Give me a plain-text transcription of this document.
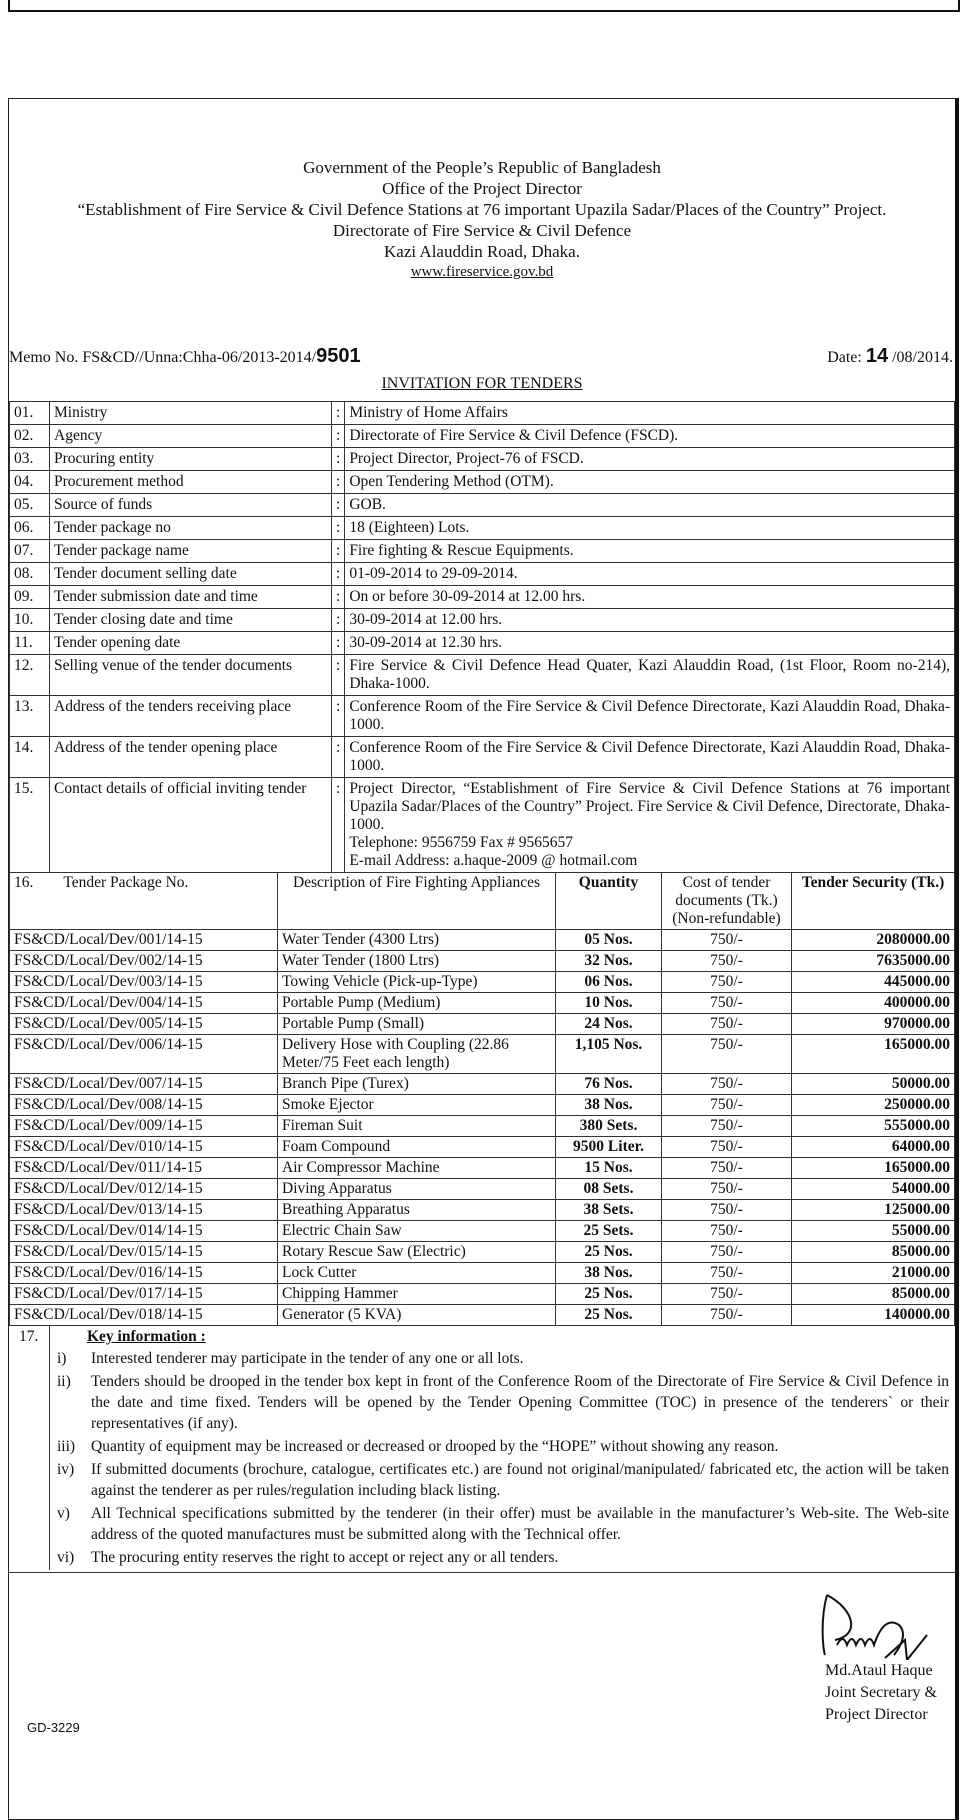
Government of the People’s Republic of Bangladesh
Office of the Project Director
“Establishment of Fire Service & Civil Defence Stations at 76 important Upazila Sadar/Places of the Country” Project.
Directorate of Fire Service & Civil Defence
Kazi Alauddin Road, Dhaka.
www.fireservice.gov.bd
Memo No. FS&CD//Unna:Chha-06/2013-2014/9501	Date: 14 /08/2014.
INVITATION FOR TENDERS
01.	Ministry	:	Ministry of Home Affairs
02.	Agency	:	Directorate of Fire Service & Civil Defence (FSCD).
03.	Procuring entity	:	Project Director, Project-76 of FSCD.
04.	Procurement method	:	Open Tendering Method (OTM).
05.	Source of funds	:	GOB.
06.	Tender package no	:	18 (Eighteen) Lots.
07.	Tender package name	:	Fire fighting & Rescue Equipments.
08.	Tender document selling date	:	01-09-2014 to 29-09-2014.
09.	Tender submission date and time	:	On or before 30-09-2014 at 12.00 hrs.
10.	Tender closing date and time	:	30-09-2014 at 12.00 hrs.
11.	Tender opening date	:	30-09-2014 at 12.30 hrs.
12.	Selling venue of the tender documents	:	Fire Service & Civil Defence Head Quater, Kazi Alauddin Road, (1st Floor, Room no-214), Dhaka-1000.
13.	Address of the tenders receiving place	:	Conference Room of the Fire Service & Civil Defence Directorate, Kazi Alauddin Road, Dhaka-1000.
14.	Address of the tender opening place	:	Conference Room of the Fire Service & Civil Defence Directorate, Kazi Alauddin Road, Dhaka-1000.
15.	Contact details of official inviting tender	:	Project Director, “Establishment of Fire Service & Civil Defence Stations at 76 important Upazila Sadar/Places of the Country” Project. Fire Service & Civil Defence, Directorate, Dhaka-1000.
Telephone: 9556759 Fax # 9565657
E-mail Address: a.haque-2009 @ hotmail.com
16. Tender Package No.	Description of Fire Fighting Appliances	Quantity	Cost of tender documents (Tk.) (Non-refundable)	Tender Security (Tk.)
FS&CD/Local/Dev/001/14-15	Water Tender (4300 Ltrs)	05 Nos.	750/-	2080000.00
FS&CD/Local/Dev/002/14-15	Water Tender (1800 Ltrs)	32 Nos.	750/-	7635000.00
FS&CD/Local/Dev/003/14-15	Towing Vehicle (Pick-up-Type)	06 Nos.	750/-	445000.00
FS&CD/Local/Dev/004/14-15	Portable Pump (Medium)	10 Nos.	750/-	400000.00
FS&CD/Local/Dev/005/14-15	Portable Pump (Small)	24 Nos.	750/-	970000.00
FS&CD/Local/Dev/006/14-15	Delivery Hose with Coupling (22.86 Meter/75 Feet each length)	1,105 Nos.	750/-	165000.00
FS&CD/Local/Dev/007/14-15	Branch Pipe (Turex)	76 Nos.	750/-	50000.00
FS&CD/Local/Dev/008/14-15	Smoke Ejector	38 Nos.	750/-	250000.00
FS&CD/Local/Dev/009/14-15	Fireman Suit	380 Sets.	750/-	555000.00
FS&CD/Local/Dev/010/14-15	Foam Compound	9500 Liter.	750/-	64000.00
FS&CD/Local/Dev/011/14-15	Air Compressor Machine	15 Nos.	750/-	165000.00
FS&CD/Local/Dev/012/14-15	Diving Apparatus	08 Sets.	750/-	54000.00
FS&CD/Local/Dev/013/14-15	Breathing Apparatus	38 Sets.	750/-	125000.00
FS&CD/Local/Dev/014/14-15	Electric Chain Saw	25 Sets.	750/-	55000.00
FS&CD/Local/Dev/015/14-15	Rotary Rescue Saw (Electric)	25 Nos.	750/-	85000.00
FS&CD/Local/Dev/016/14-15	Lock Cutter	38 Nos.	750/-	21000.00
FS&CD/Local/Dev/017/14-15	Chipping Hammer	25 Nos.	750/-	85000.00
FS&CD/Local/Dev/018/14-15	Generator (5 KVA)	25 Nos.	750/-	140000.00
17.	Key information :
i)	Interested tenderer may participate in the tender of any one or all lots.
ii)	Tenders should be drooped in the tender box kept in front of the Conference Room of the Directorate of Fire Service & Civil Defence in the date and time fixed. Tenders will be opened by the Tender Opening Committee (TOC) in presence of the tenderers` or their representatives (if any).
iii)	Quantity of equipment may be increased or decreased or drooped by the “HOPE” without showing any reason.
iv)	If submitted documents (brochure, catalogue, certificates etc.) are found not original/manipulated/ fabricated etc, the action will be taken against the tenderer as per rules/regulation including black listing.
v)	All Technical specifications submitted by the tenderer (in their offer) must be available in the manufacturer’s Web-site. The Web-site address of the quoted manufactures must be submitted along with the Technical offer.
vi)	The procuring entity reserves the right to accept or reject any or all tenders.
Md.Ataul Haque
Joint Secretary &
Project Director
GD-3229
